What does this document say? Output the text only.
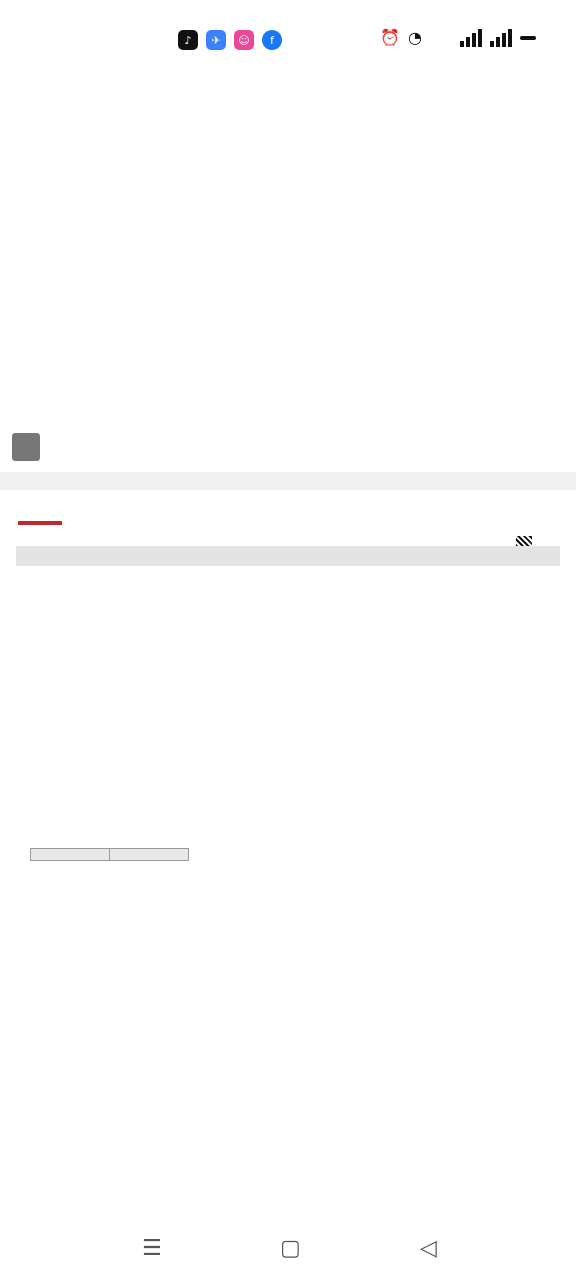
♪	✈	☺	f	⏰ ◔

☰	▢	◁
